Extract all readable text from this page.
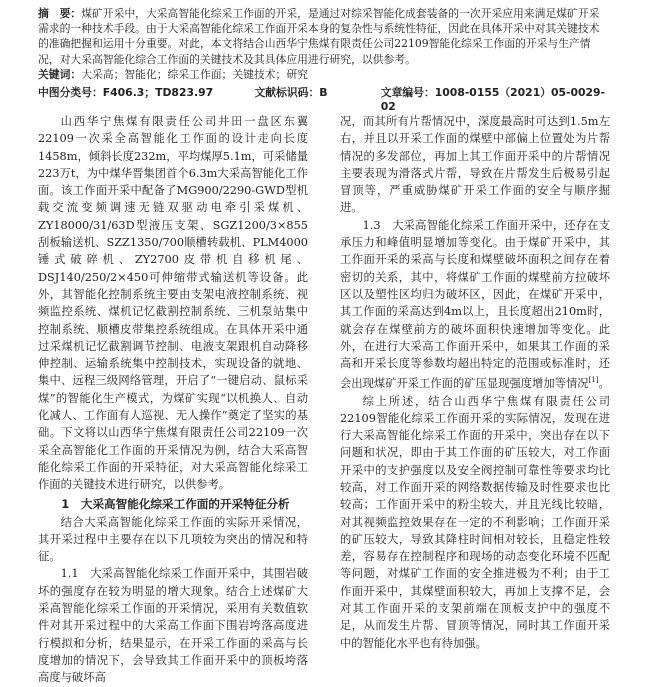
摘　要：煤矿开采中，大采高智能化综采工作面的开采，是通过对综采智能化成套装备的一次开采应用来满足煤矿开采需求的一种技术手段。由于大采高智能化综采工作面开采本身的复杂性与系统性特征，因此在具体开采中对其关键技术的准确把握和运用十分重要。对此，本文将结合山西华宁焦煤有限责任公司22109智能化综采工作面的开采与生产情况，对大采高智能化综合工作面的关键技术及其具体应用进行研究，以供参考。

关键词：大采高；智能化；综采工作面；关键技术；研究

中图分类号：F406.3；TD823.97	文献标识码：B	文章编号：1008-0155（2021）05-0029-02

山西华宁焦煤有限责任公司井田一盘区东翼22109一次采全高智能化工作面的设计走向长度1458m，倾斜长度232m，平均煤厚5.1m，可采储量223万t，为中煤华晋集团首个6.3m大采高智能化工作面。该工作面开采中配备了MG900/2290-GWD型机载交流变频调速无链双驱动电牵引采煤机、ZY18000/31/63D型液压支架、SGZ1200/3×855刮板输送机、SZZ1350/700顺槽转载机、PLM4000锤式破碎机、ZY2700皮带机自移机尾、DSJ140/250/2×450可伸缩带式输送机等设备。此外，其智能化控制系统主要由支架电液控制系统、视频监控系统、煤机记忆截割控制系统、三机泵站集中控制系统、顺槽皮带集控系统组成。在具体开采中通过采煤机记忆截割调节控制、电液支架跟机自动降移伸控制、运输系统集中控制技术，实现设备的就地、集中、远程三级网络管理，开启了“一键启动、鼠标采煤”的智能化生产模式，为煤矿实现“以机换人、自动化减人、工作面有人巡视、无人操作”奠定了坚实的基础。下文将以山西华宁焦煤有限责任公司22109一次采全高智能化工作面的开采情况为例，结合大采高智能化综采工作面的开采特征，对大采高智能化综采工作面的关键技术进行研究，以供参考。

1　大采高智能化综采工作面的开采特征分析

结合大采高智能化综采工作面的实际开采情况，其开采过程中主要存在以下几项较为突出的情况和特征。

1.1　大采高智能化综采工作面开采中，其围岩破坏的强度存在较为明显的增大现象。结合上述煤矿大采高智能化综采工作面的开采情况，采用有关数值软件对其开采过程中的大采高工作面下围岩垮落高度进行模拟和分析，结果显示，在开采工作面的采高与长度增加的情况下，会导致其工作面开采中的顶板垮落高度与破坏高

况，而其所有片帮情况中，深度最高时可达到1.5m左右，并且以开采工作面的煤壁中部偏上位置处为片帮情况的多发部位，再加上其工作面开采中的片帮情况主要表现为滑落式片帮，导致在片帮发生后极易引起冒顶等，严重威胁煤矿开采工作面的安全与顺序掘进。

1.3　大采高智能化综采工作面开采中，还存在支承压力和峰值明显增加等变化。由于煤矿开采中，其工作面开采的采高与长度和煤壁破坏面积之间存在着密切的关系，其中，将煤矿工作面的煤壁前方拉破坏区以及塑性区均归为破坏区，因此，在煤矿开采中，其工作面的采高达到4m以上，且长度超出210m时，就会存在煤壁前方的破坏面积快速增加等变化。此外，在进行大采高工作面开采中，如果其工作面的采高和开采长度等参数均超出特定的范围或标准时，还会出现煤矿开采工作面的矿压显现强度增加等情况[1]。

综上所述，结合山西华宁焦煤有限责任公司22109智能化综采工作面开采的实际情况，发现在进行大采高智能化综采工作面的开采中，突出存在以下问题和状况，即由于其工作面的矿压较大，对工作面开采中的支护强度以及安全阀控制可靠性等要求均比较高，对工作面开采的网络数据传输及时性要求也比较高；工作面开采中的粉尘较大，并且光线比较暗，对其视频监控效果存在一定的不利影响；工作面开采的矿压较大，导致其降柱时间相对较长，且稳定性较差，容易存在控制程序和现场的动态变化环境不匹配等问题，对煤矿工作面的安全推进极为不利；由于工作面开采中，其煤壁面积较大，再加上支撑不足，会对其工作面开采的支架前端在顶板支护中的强度不足，从而发生片帮、冒顶等情况，同时其工作面开采中的智能化水平也有待加强。
